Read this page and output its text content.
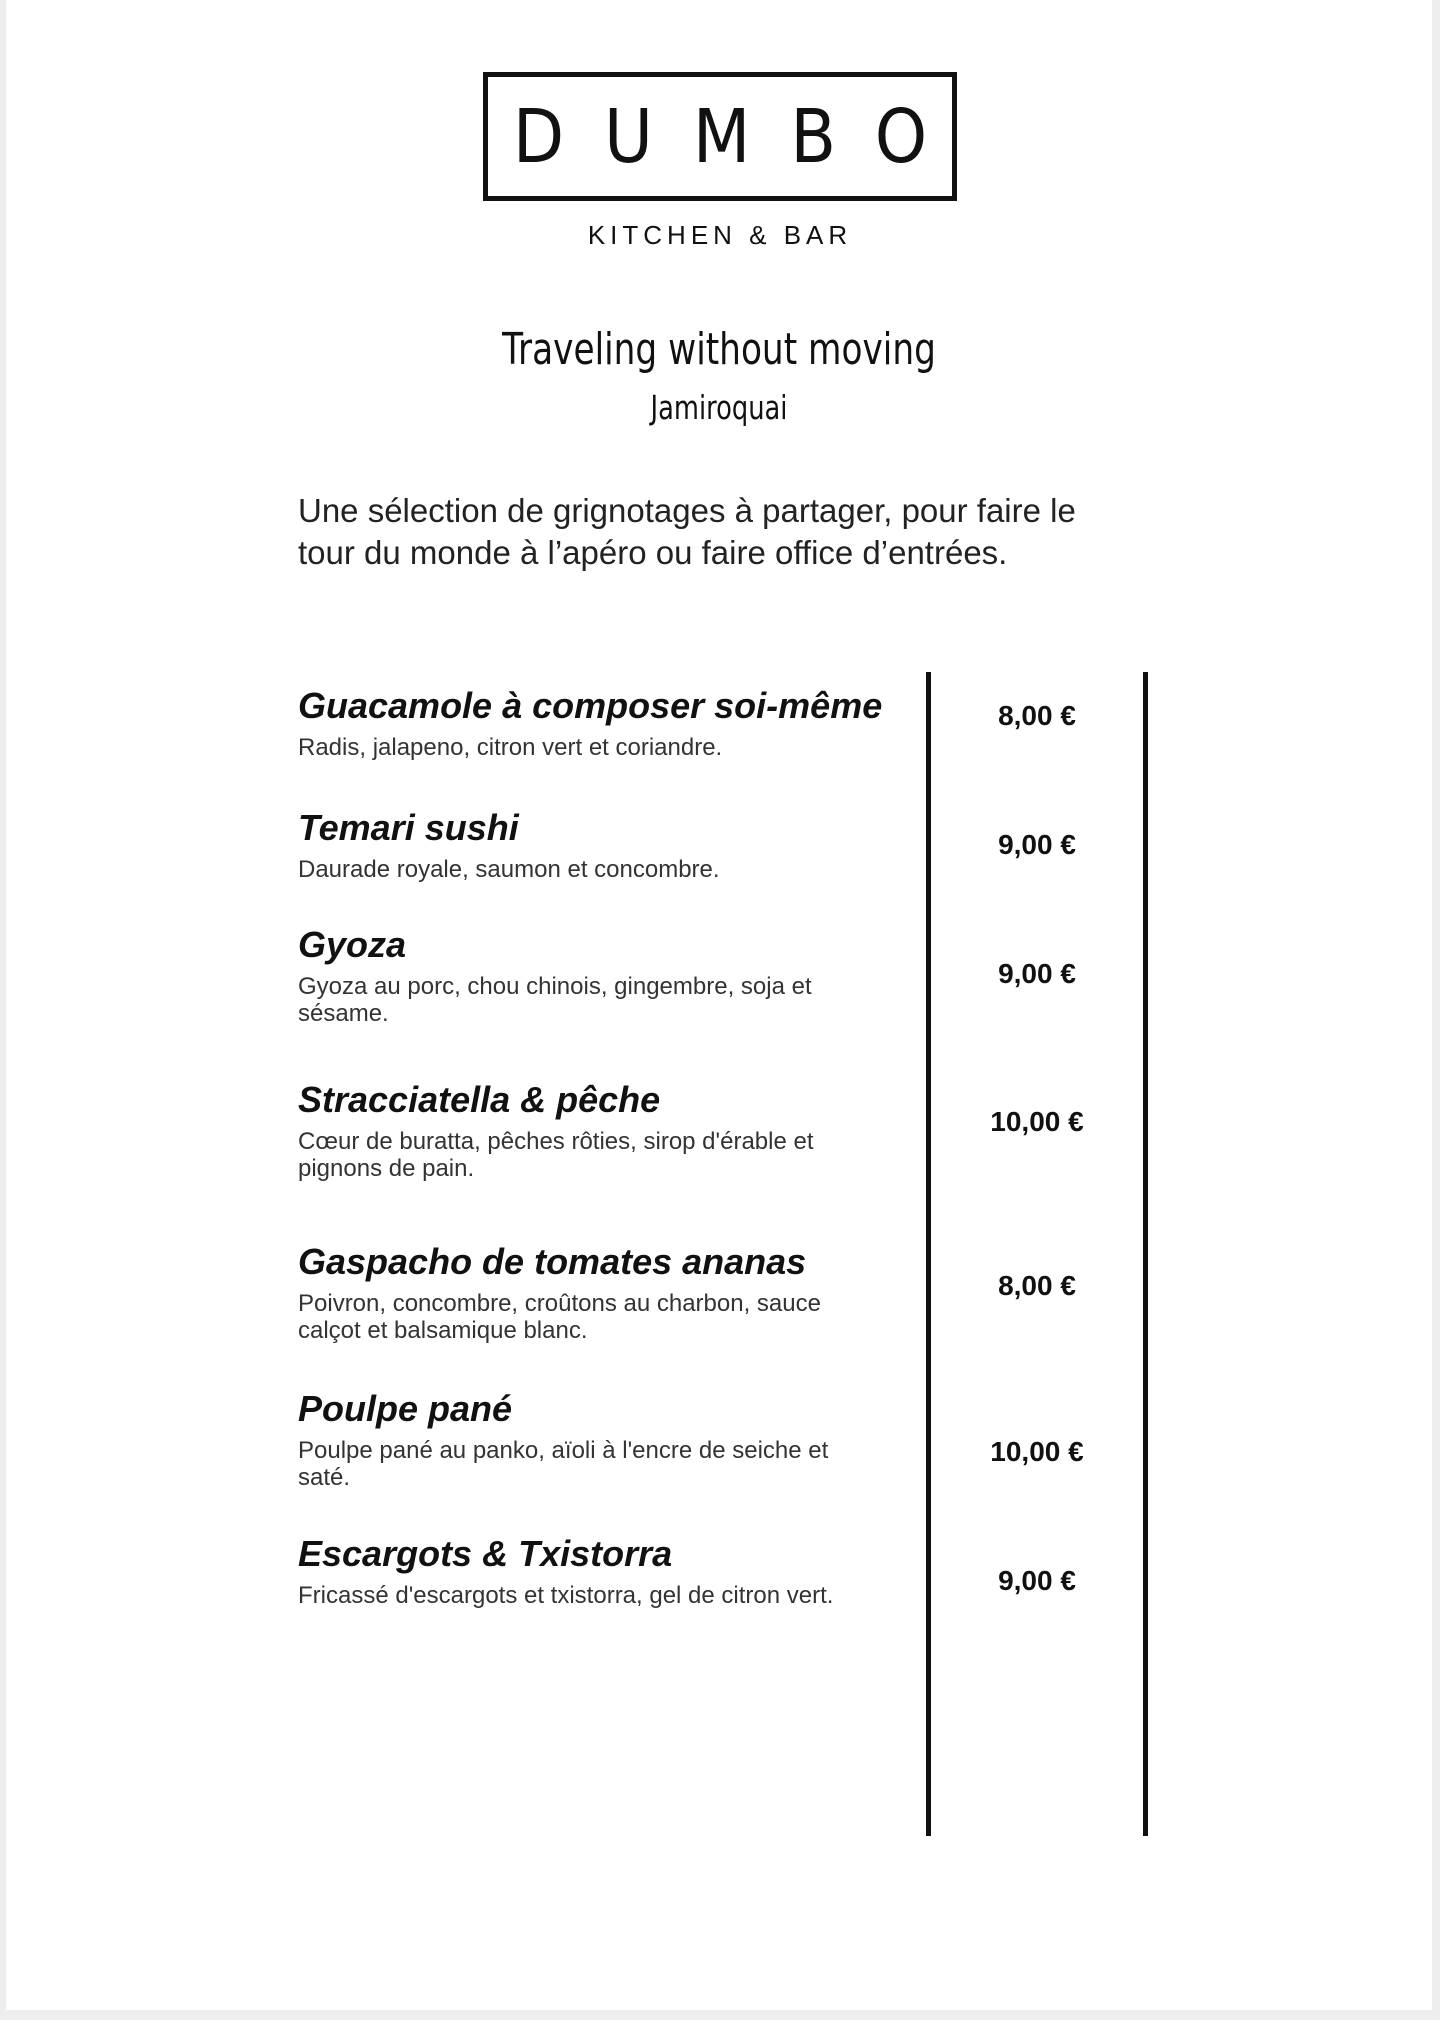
DUMBO
KITCHEN & BAR
Traveling without moving
Jamiroquai
Une sélection de grignotages à partager, pour faire le tour du monde à l’apéro ou faire office d’entrées.
Guacamole à composer soi-même
Radis, jalapeno, citron vert et coriandre.
8,00 €
Temari sushi
Daurade royale, saumon et concombre.
9,00 €
Gyoza
Gyoza au porc, chou chinois, gingembre, soja et sésame.
9,00 €
Stracciatella & pêche
Cœur de buratta, pêches rôties, sirop d'érable et pignons de pain.
10,00 €
Gaspacho de tomates ananas
Poivron, concombre, croûtons au charbon, sauce calçot et balsamique blanc.
8,00 €
Poulpe pané
Poulpe pané au panko, aïoli à l'encre de seiche et saté.
10,00 €
Escargots & Txistorra
Fricassé d'escargots et txistorra, gel de citron vert.	9,00 €
